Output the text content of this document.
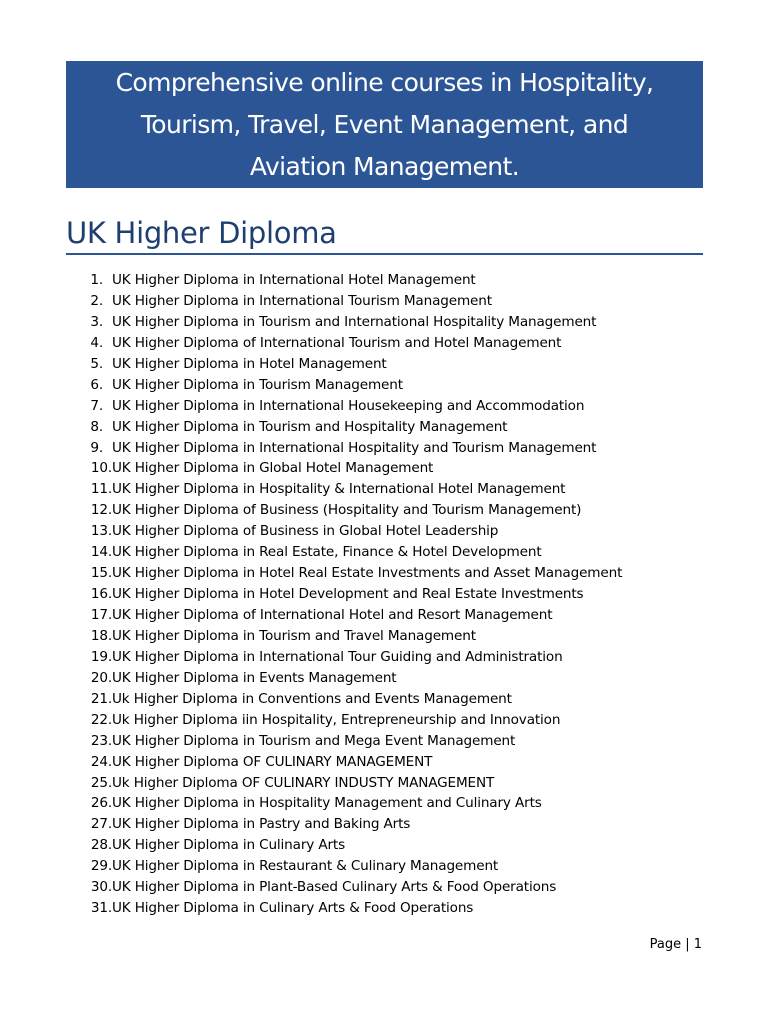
Comprehensive online courses in Hospitality,
Tourism, Travel, Event Management, and
Aviation Management.
UK Higher Diploma
1. UK Higher Diploma in International Hotel Management
2. UK Higher Diploma in International Tourism Management
3. UK Higher Diploma in Tourism and International Hospitality Management
4. UK Higher Diploma of International Tourism and Hotel Management
5. UK Higher Diploma in Hotel Management
6. UK Higher Diploma in Tourism Management
7. UK Higher Diploma in International Housekeeping and Accommodation
8. UK Higher Diploma in Tourism and Hospitality Management
9. UK Higher Diploma in International Hospitality and Tourism Management
10. UK Higher Diploma in Global Hotel Management
11. UK Higher Diploma in Hospitality & International Hotel Management
12. UK Higher Diploma of Business (Hospitality and Tourism Management)
13. UK Higher Diploma of Business in Global Hotel Leadership
14. UK Higher Diploma in Real Estate, Finance & Hotel Development
15. UK Higher Diploma in Hotel Real Estate Investments and Asset Management
16. UK Higher Diploma in Hotel Development and Real Estate Investments
17. UK Higher Diploma of International Hotel and Resort Management
18. UK Higher Diploma in Tourism and Travel Management
19. UK Higher Diploma in International Tour Guiding and Administration
20. UK Higher Diploma in Events Management
21. Uk Higher Diploma in Conventions and Events Management
22. Uk Higher Diploma iin Hospitality, Entrepreneurship and Innovation
23. UK Higher Diploma in Tourism and Mega Event Management
24. UK Higher Diploma OF CULINARY MANAGEMENT
25. Uk Higher Diploma OF CULINARY INDUSTY MANAGEMENT
26. UK Higher Diploma in Hospitality Management and Culinary Arts
27. UK Higher Diploma in Pastry and Baking Arts
28. UK Higher Diploma in Culinary Arts
29. UK Higher Diploma in Restaurant & Culinary Management
30. UK Higher Diploma in Plant-Based Culinary Arts & Food Operations
31. UK Higher Diploma in Culinary Arts & Food Operations
Page | 1
